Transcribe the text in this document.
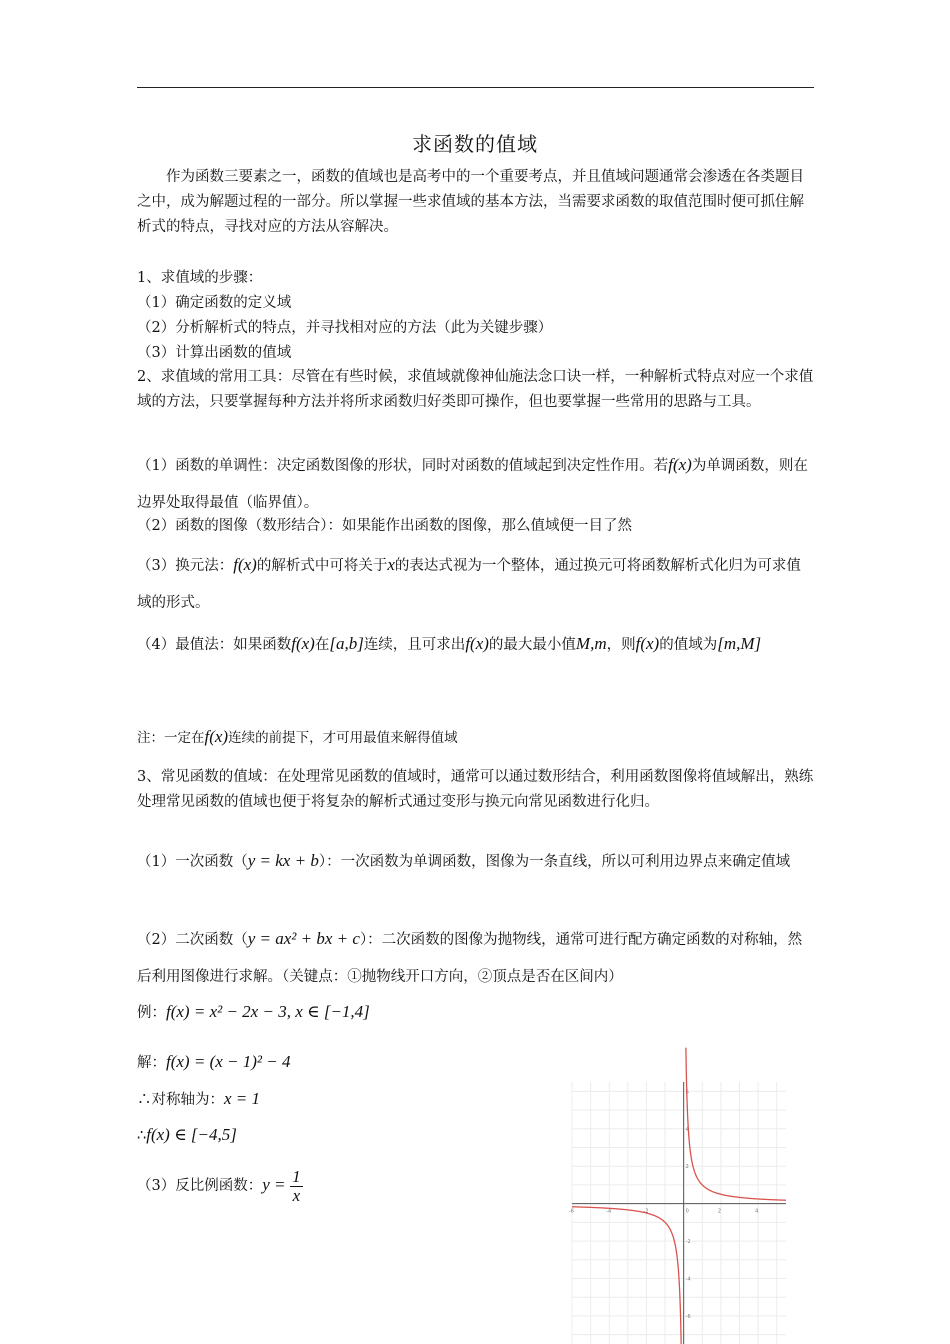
求函数的值域
作为函数三要素之一，函数的值域也是高考中的一个重要考点，并且值域问题通常会渗透在各类题目之中，成为解题过程的一部分。所以掌握一些求值域的基本方法，当需要求函数的取值范围时便可抓住解析式的特点，寻找对应的方法从容解决。
1、求值域的步骤：
（1）确定函数的定义域
（2）分析解析式的特点，并寻找相对应的方法（此为关键步骤）
（3）计算出函数的值域
2、求值域的常用工具：尽管在有些时候，求值域就像神仙施法念口诀一样，一种解析式特点对应一个求值域的方法，只要掌握每种方法并将所求函数归好类即可操作，但也要掌握一些常用的思路与工具。
（1）函数的单调性：决定函数图像的形状，同时对函数的值域起到决定性作用。若f(x)为单调函数，则在边界处取得最值（临界值）。
（2）函数的图像（数形结合）：如果能作出函数的图像，那么值域便一目了然
（3）换元法：f(x)的解析式中可将关于x的表达式视为一个整体，通过换元可将函数解析式化归为可求值域的形式。
（4）最值法：如果函数f(x)在[a,b]连续，且可求出f(x)的最大最小值M,m，则f(x)的值域为[m,M]
注：一定在f(x)连续的前提下，才可用最值来解得值域
3、常见函数的值域：在处理常见函数的值域时，通常可以通过数形结合，利用函数图像将值域解出，熟练处理常见函数的值域也便于将复杂的解析式通过变形与换元向常见函数进行化归。
（1）一次函数（y = kx + b）：一次函数为单调函数，图像为一条直线，所以可利用边界点来确定值域
（2）二次函数（y = ax² + bx + c）：二次函数的图像为抛物线，通常可进行配方确定函数的对称轴，然后利用图像进行求解。（关键点：①抛物线开口方向，②顶点是否在区间内）
例：f(x) = x² − 2x − 3, x ∈ [−1,4]
解：f(x) = (x − 1)² − 4
∴对称轴为：x = 1
∴f(x) ∈ [−4,5]
（3）反比例函数：$y = \frac{1}{x}$
-6	-4	-2	0	2	4
-6
-4
-2
2
4
6
